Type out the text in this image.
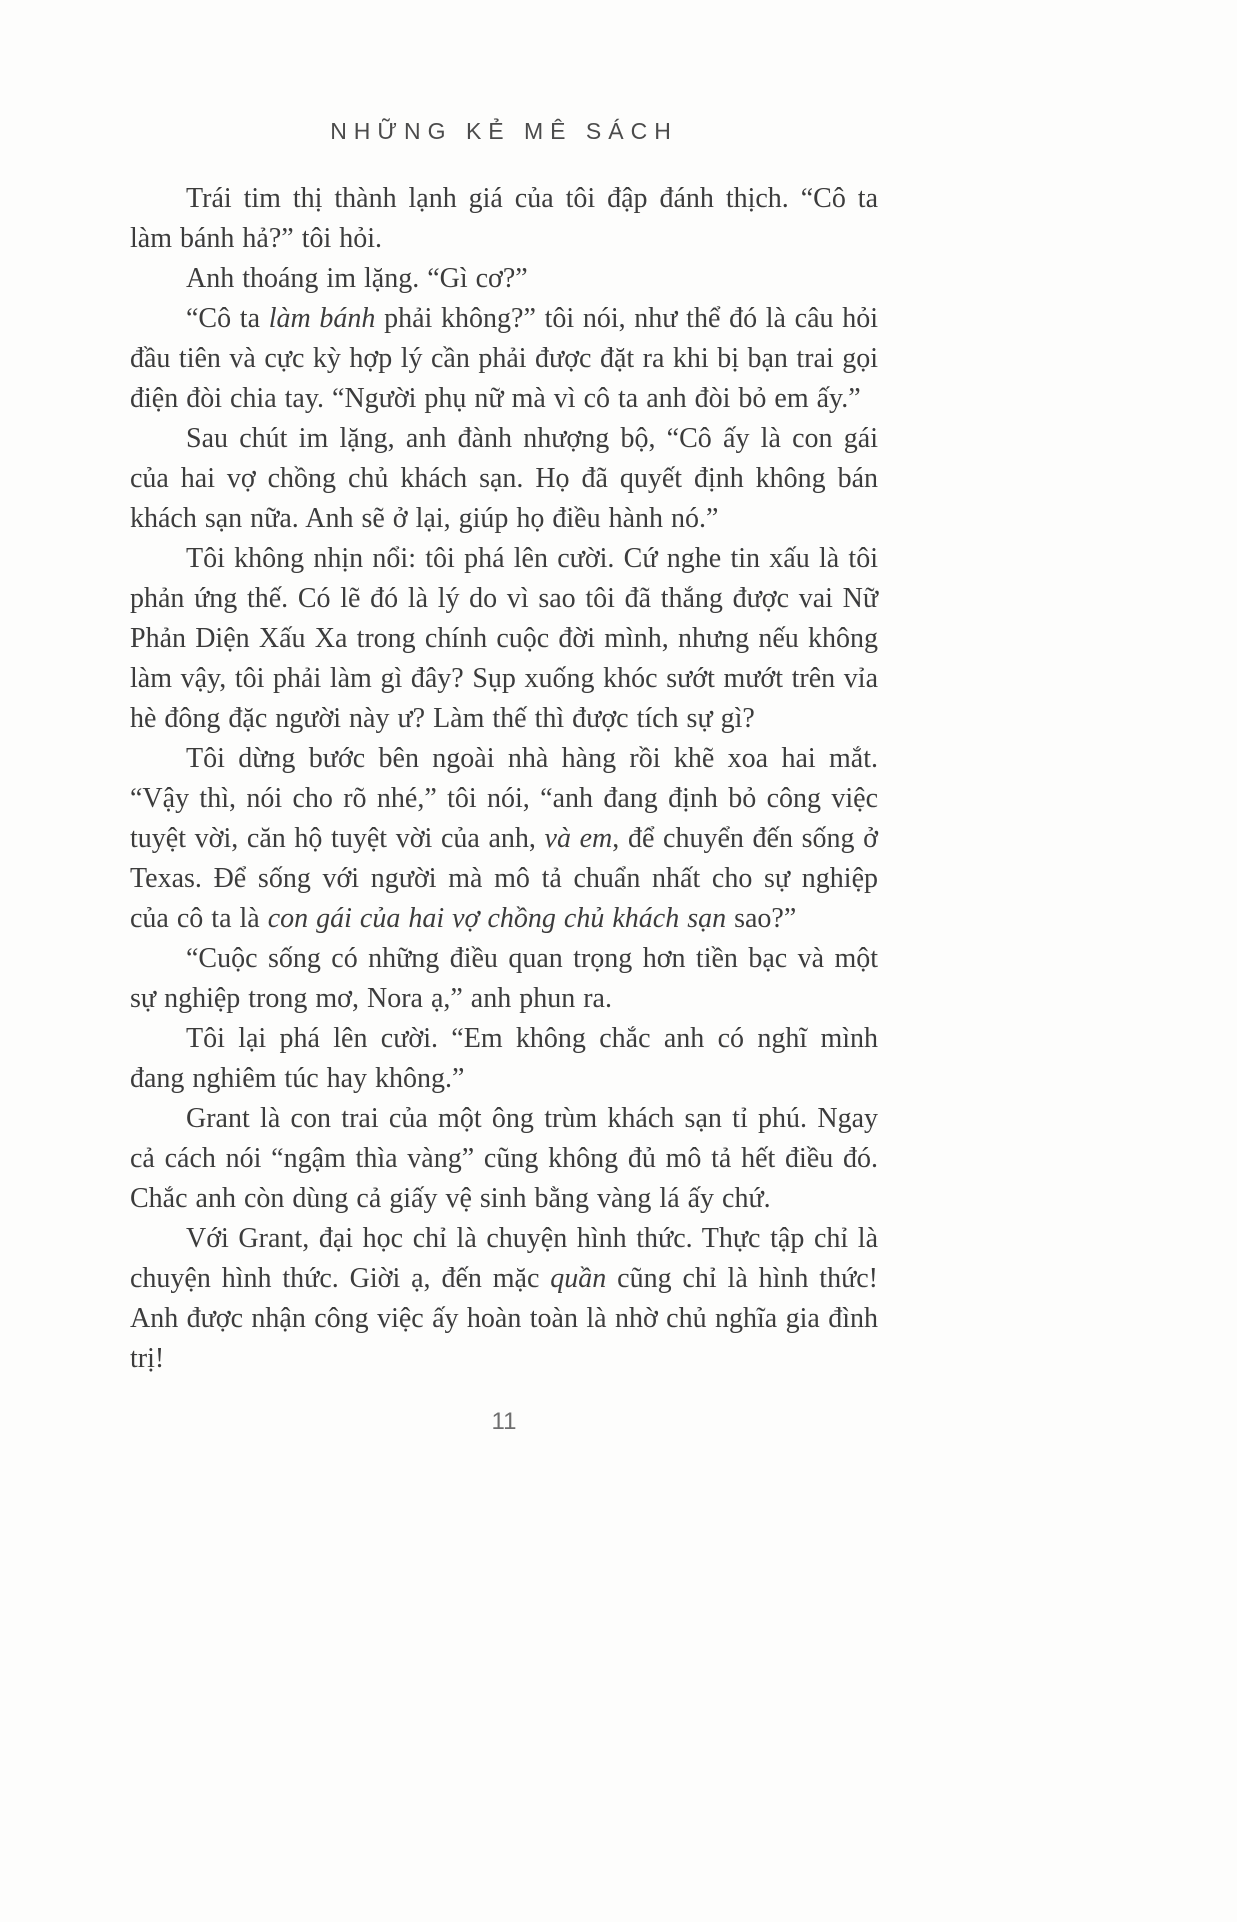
NHỮNG KẺ MÊ SÁCH

Trái tim thị thành lạnh giá của tôi đập đánh thịch. “Cô ta làm bánh hả?” tôi hỏi.

Anh thoáng im lặng. “Gì cơ?”

“Cô ta làm bánh phải không?” tôi nói, như thể đó là câu hỏi đầu tiên và cực kỳ hợp lý cần phải được đặt ra khi bị bạn trai gọi điện đòi chia tay. “Người phụ nữ mà vì cô ta anh đòi bỏ em ấy.”

Sau chút im lặng, anh đành nhượng bộ, “Cô ấy là con gái của hai vợ chồng chủ khách sạn. Họ đã quyết định không bán khách sạn nữa. Anh sẽ ở lại, giúp họ điều hành nó.”

Tôi không nhịn nổi: tôi phá lên cười. Cứ nghe tin xấu là tôi phản ứng thế. Có lẽ đó là lý do vì sao tôi đã thắng được vai Nữ Phản Diện Xấu Xa trong chính cuộc đời mình, nhưng nếu không làm vậy, tôi phải làm gì đây? Sụp xuống khóc sướt mướt trên vỉa hè đông đặc người này ư? Làm thế thì được tích sự gì?

Tôi dừng bước bên ngoài nhà hàng rồi khẽ xoa hai mắt. “Vậy thì, nói cho rõ nhé,” tôi nói, “anh đang định bỏ công việc tuyệt vời, căn hộ tuyệt vời của anh, và em, để chuyển đến sống ở Texas. Để sống với người mà mô tả chuẩn nhất cho sự nghiệp của cô ta là con gái của hai vợ chồng chủ khách sạn sao?”

“Cuộc sống có những điều quan trọng hơn tiền bạc và một sự nghiệp trong mơ, Nora ạ,” anh phun ra.

Tôi lại phá lên cười. “Em không chắc anh có nghĩ mình đang nghiêm túc hay không.”

Grant là con trai của một ông trùm khách sạn tỉ phú. Ngay cả cách nói “ngậm thìa vàng” cũng không đủ mô tả hết điều đó. Chắc anh còn dùng cả giấy vệ sinh bằng vàng lá ấy chứ.

Với Grant, đại học chỉ là chuyện hình thức. Thực tập chỉ là chuyện hình thức. Giời ạ, đến mặc quần cũng chỉ là hình thức! Anh được nhận công việc ấy hoàn toàn là nhờ chủ nghĩa gia đình trị!

11
